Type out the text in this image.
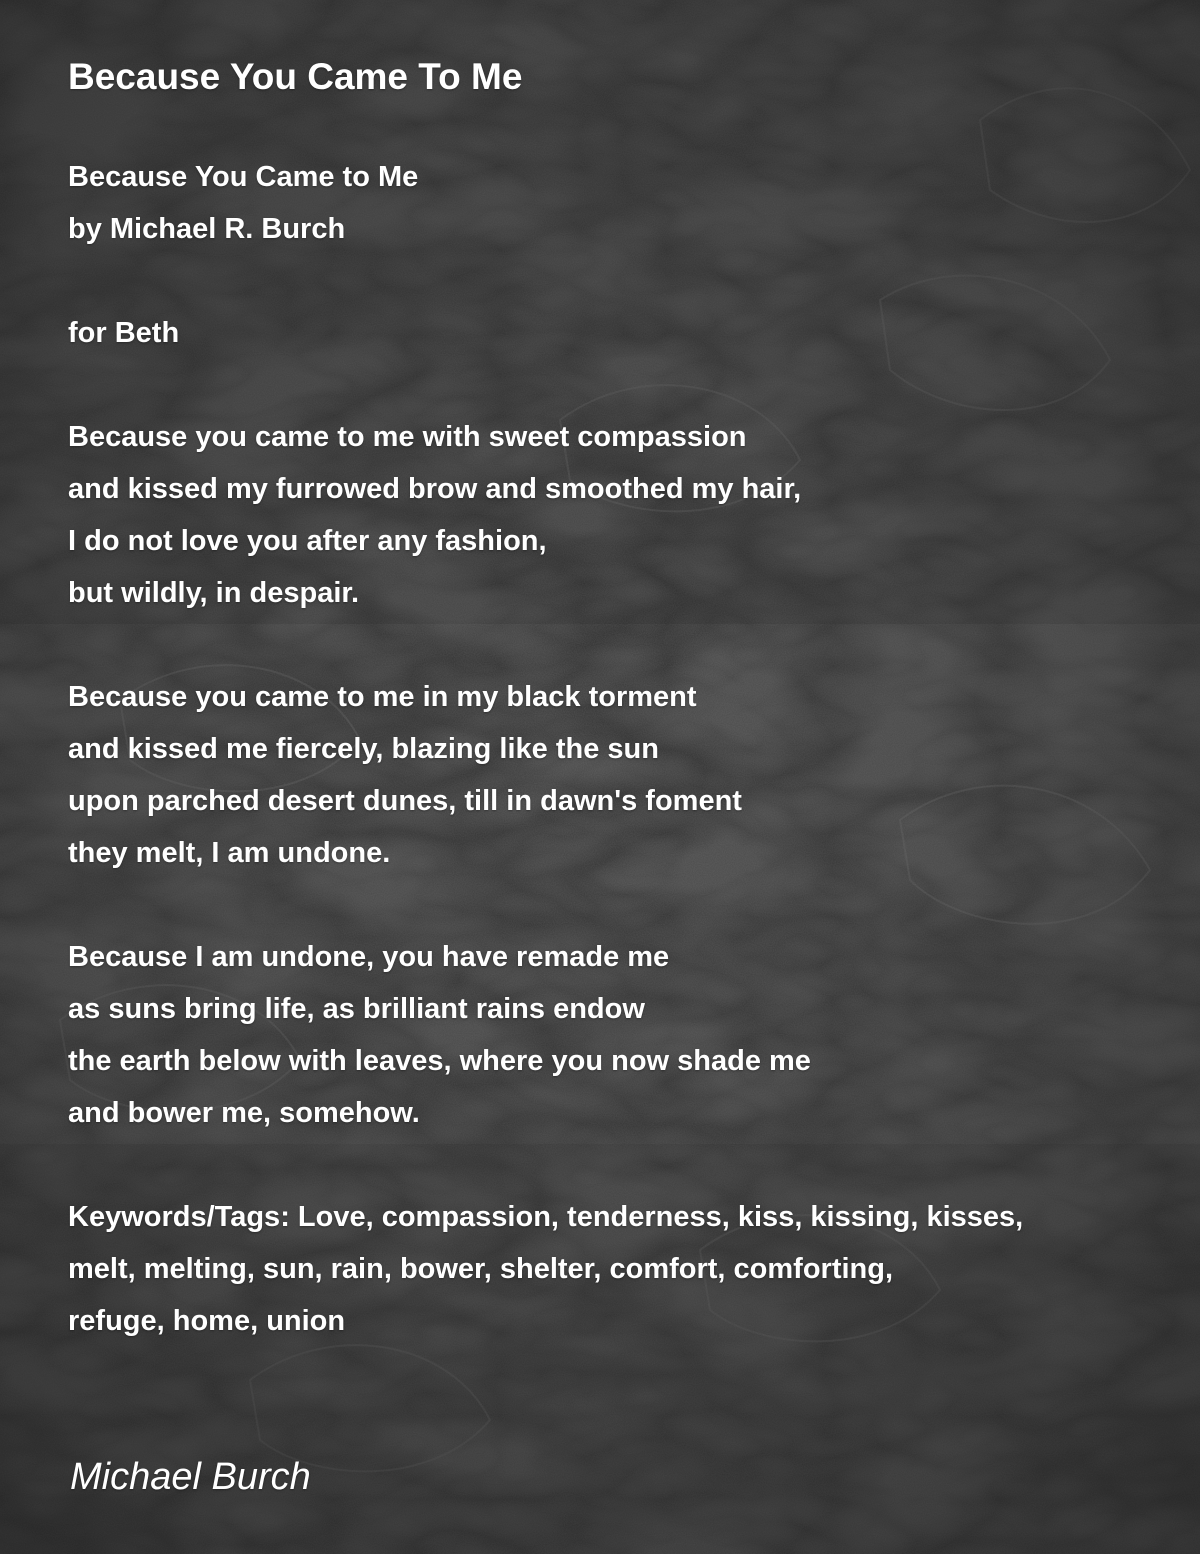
Because You Came To Me
Because You Came to Me
by Michael R. Burch
for Beth
Because you came to me with sweet compassion
and kissed my furrowed brow and smoothed my hair,
I do not love you after any fashion,
but wildly, in despair.
Because you came to me in my black torment
and kissed me fiercely, blazing like the sun
upon parched desert dunes, till in dawn's foment
they melt, I am undone.
Because I am undone, you have remade me
as suns bring life, as brilliant rains endow
the earth below with leaves, where you now shade me
and bower me, somehow.
Keywords/Tags: Love, compassion, tenderness, kiss, kissing, kisses,
melt, melting, sun, rain, bower, shelter, comfort, comforting,
refuge, home, union

Michael Burch
